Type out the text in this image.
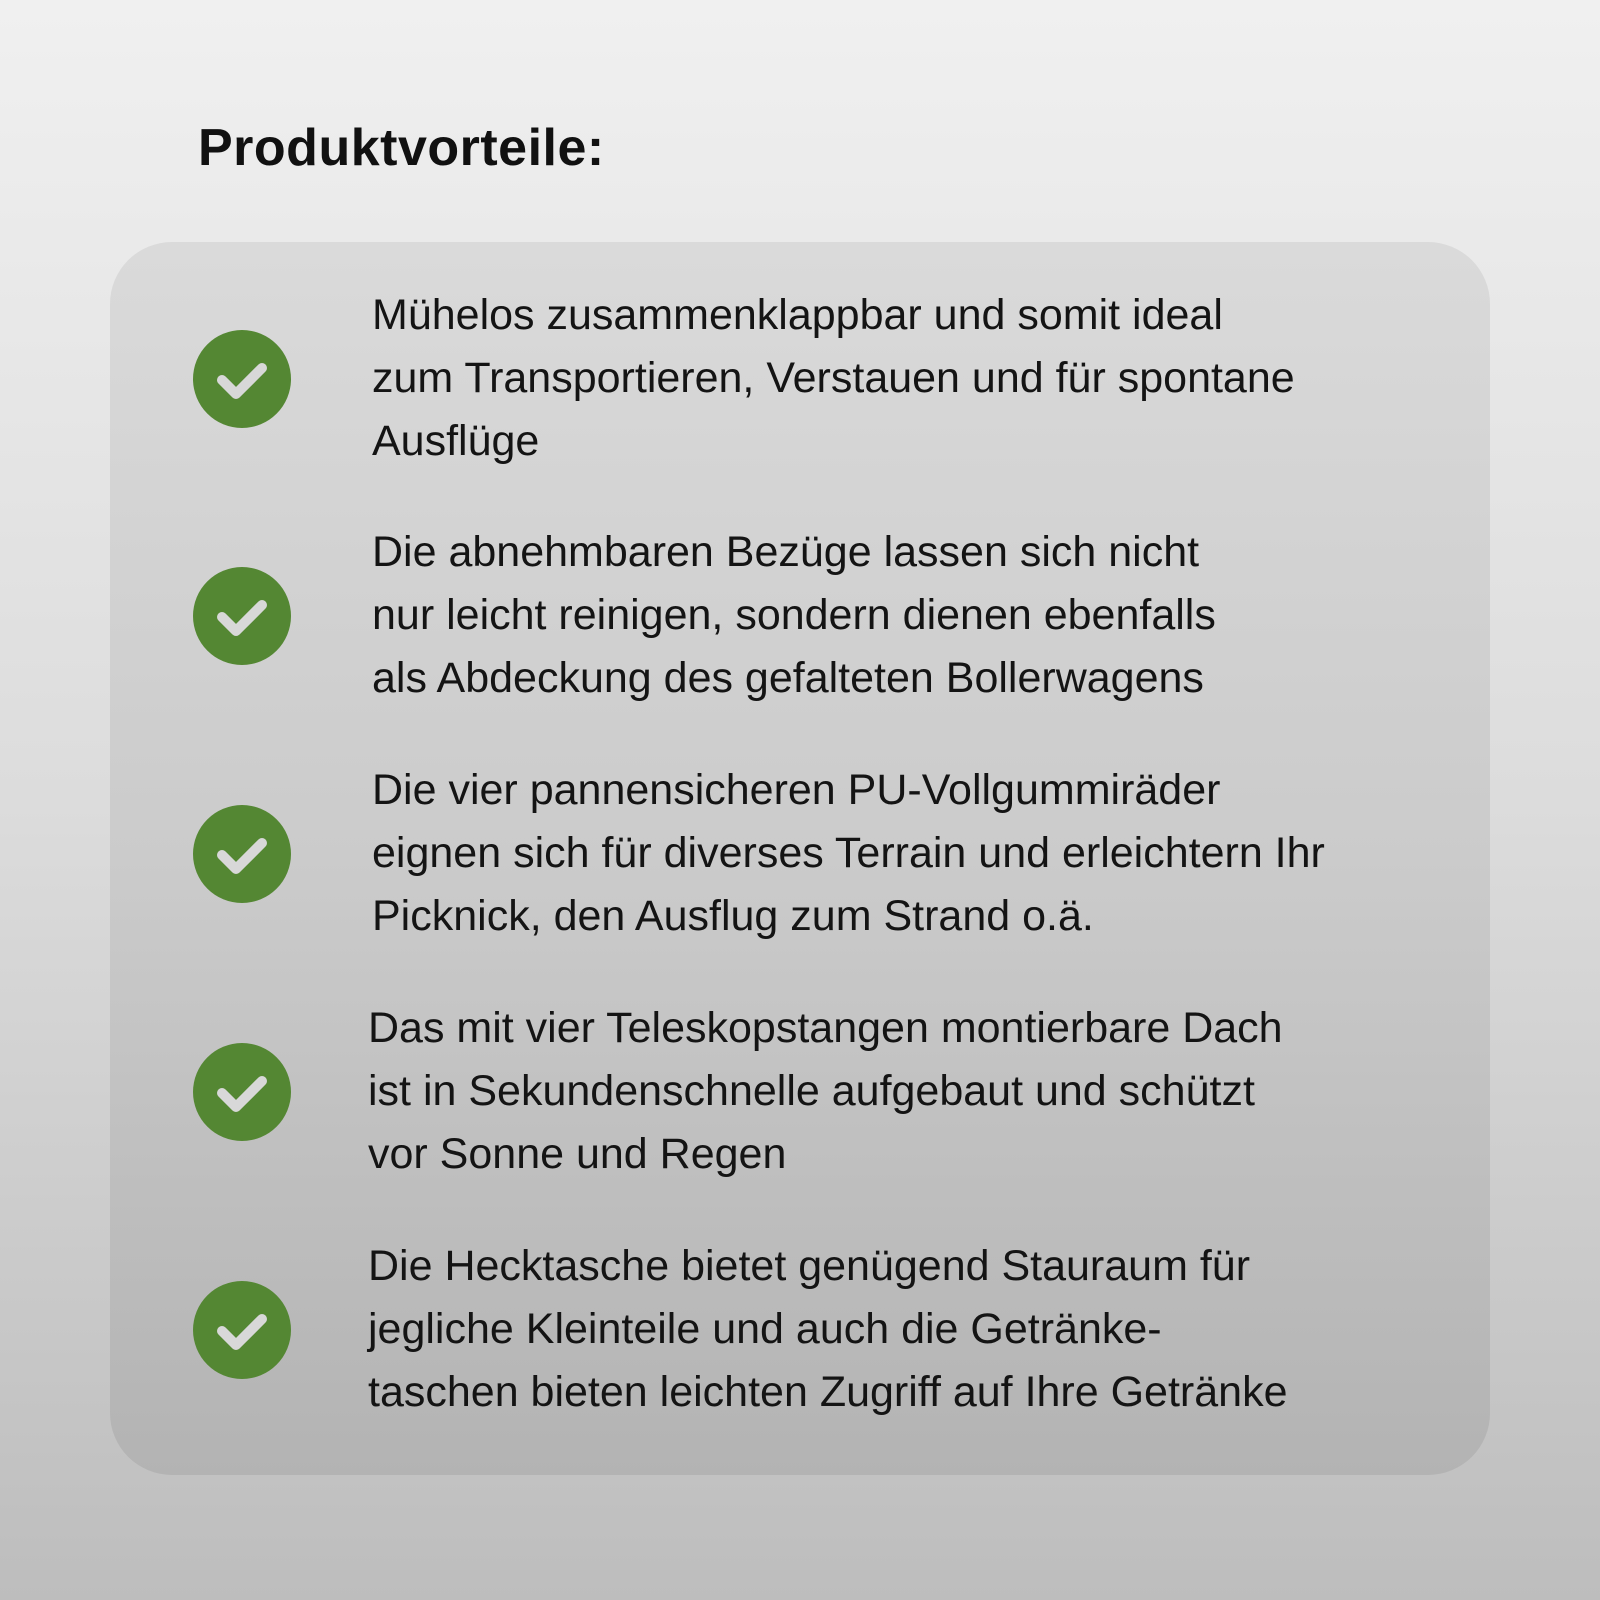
Produktvorteile:
Mühelos zusammenklappbar und somit ideal
zum Transportieren, Verstauen und für spontane
Ausflüge
Die abnehmbaren Bezüge lassen sich nicht
nur leicht reinigen, sondern dienen ebenfalls
als Abdeckung des gefalteten Bollerwagens
Die vier pannensicheren PU-Vollgummiräder
eignen sich für diverses Terrain und erleichtern Ihr
Picknick, den Ausflug zum Strand o.ä.
Das mit vier Teleskopstangen montierbare Dach
ist in Sekundenschnelle aufgebaut und schützt
vor Sonne und Regen
Die Hecktasche bietet genügend Stauraum für
jegliche Kleinteile und auch die Getränke-
taschen bieten leichten Zugriff auf Ihre Getränke
